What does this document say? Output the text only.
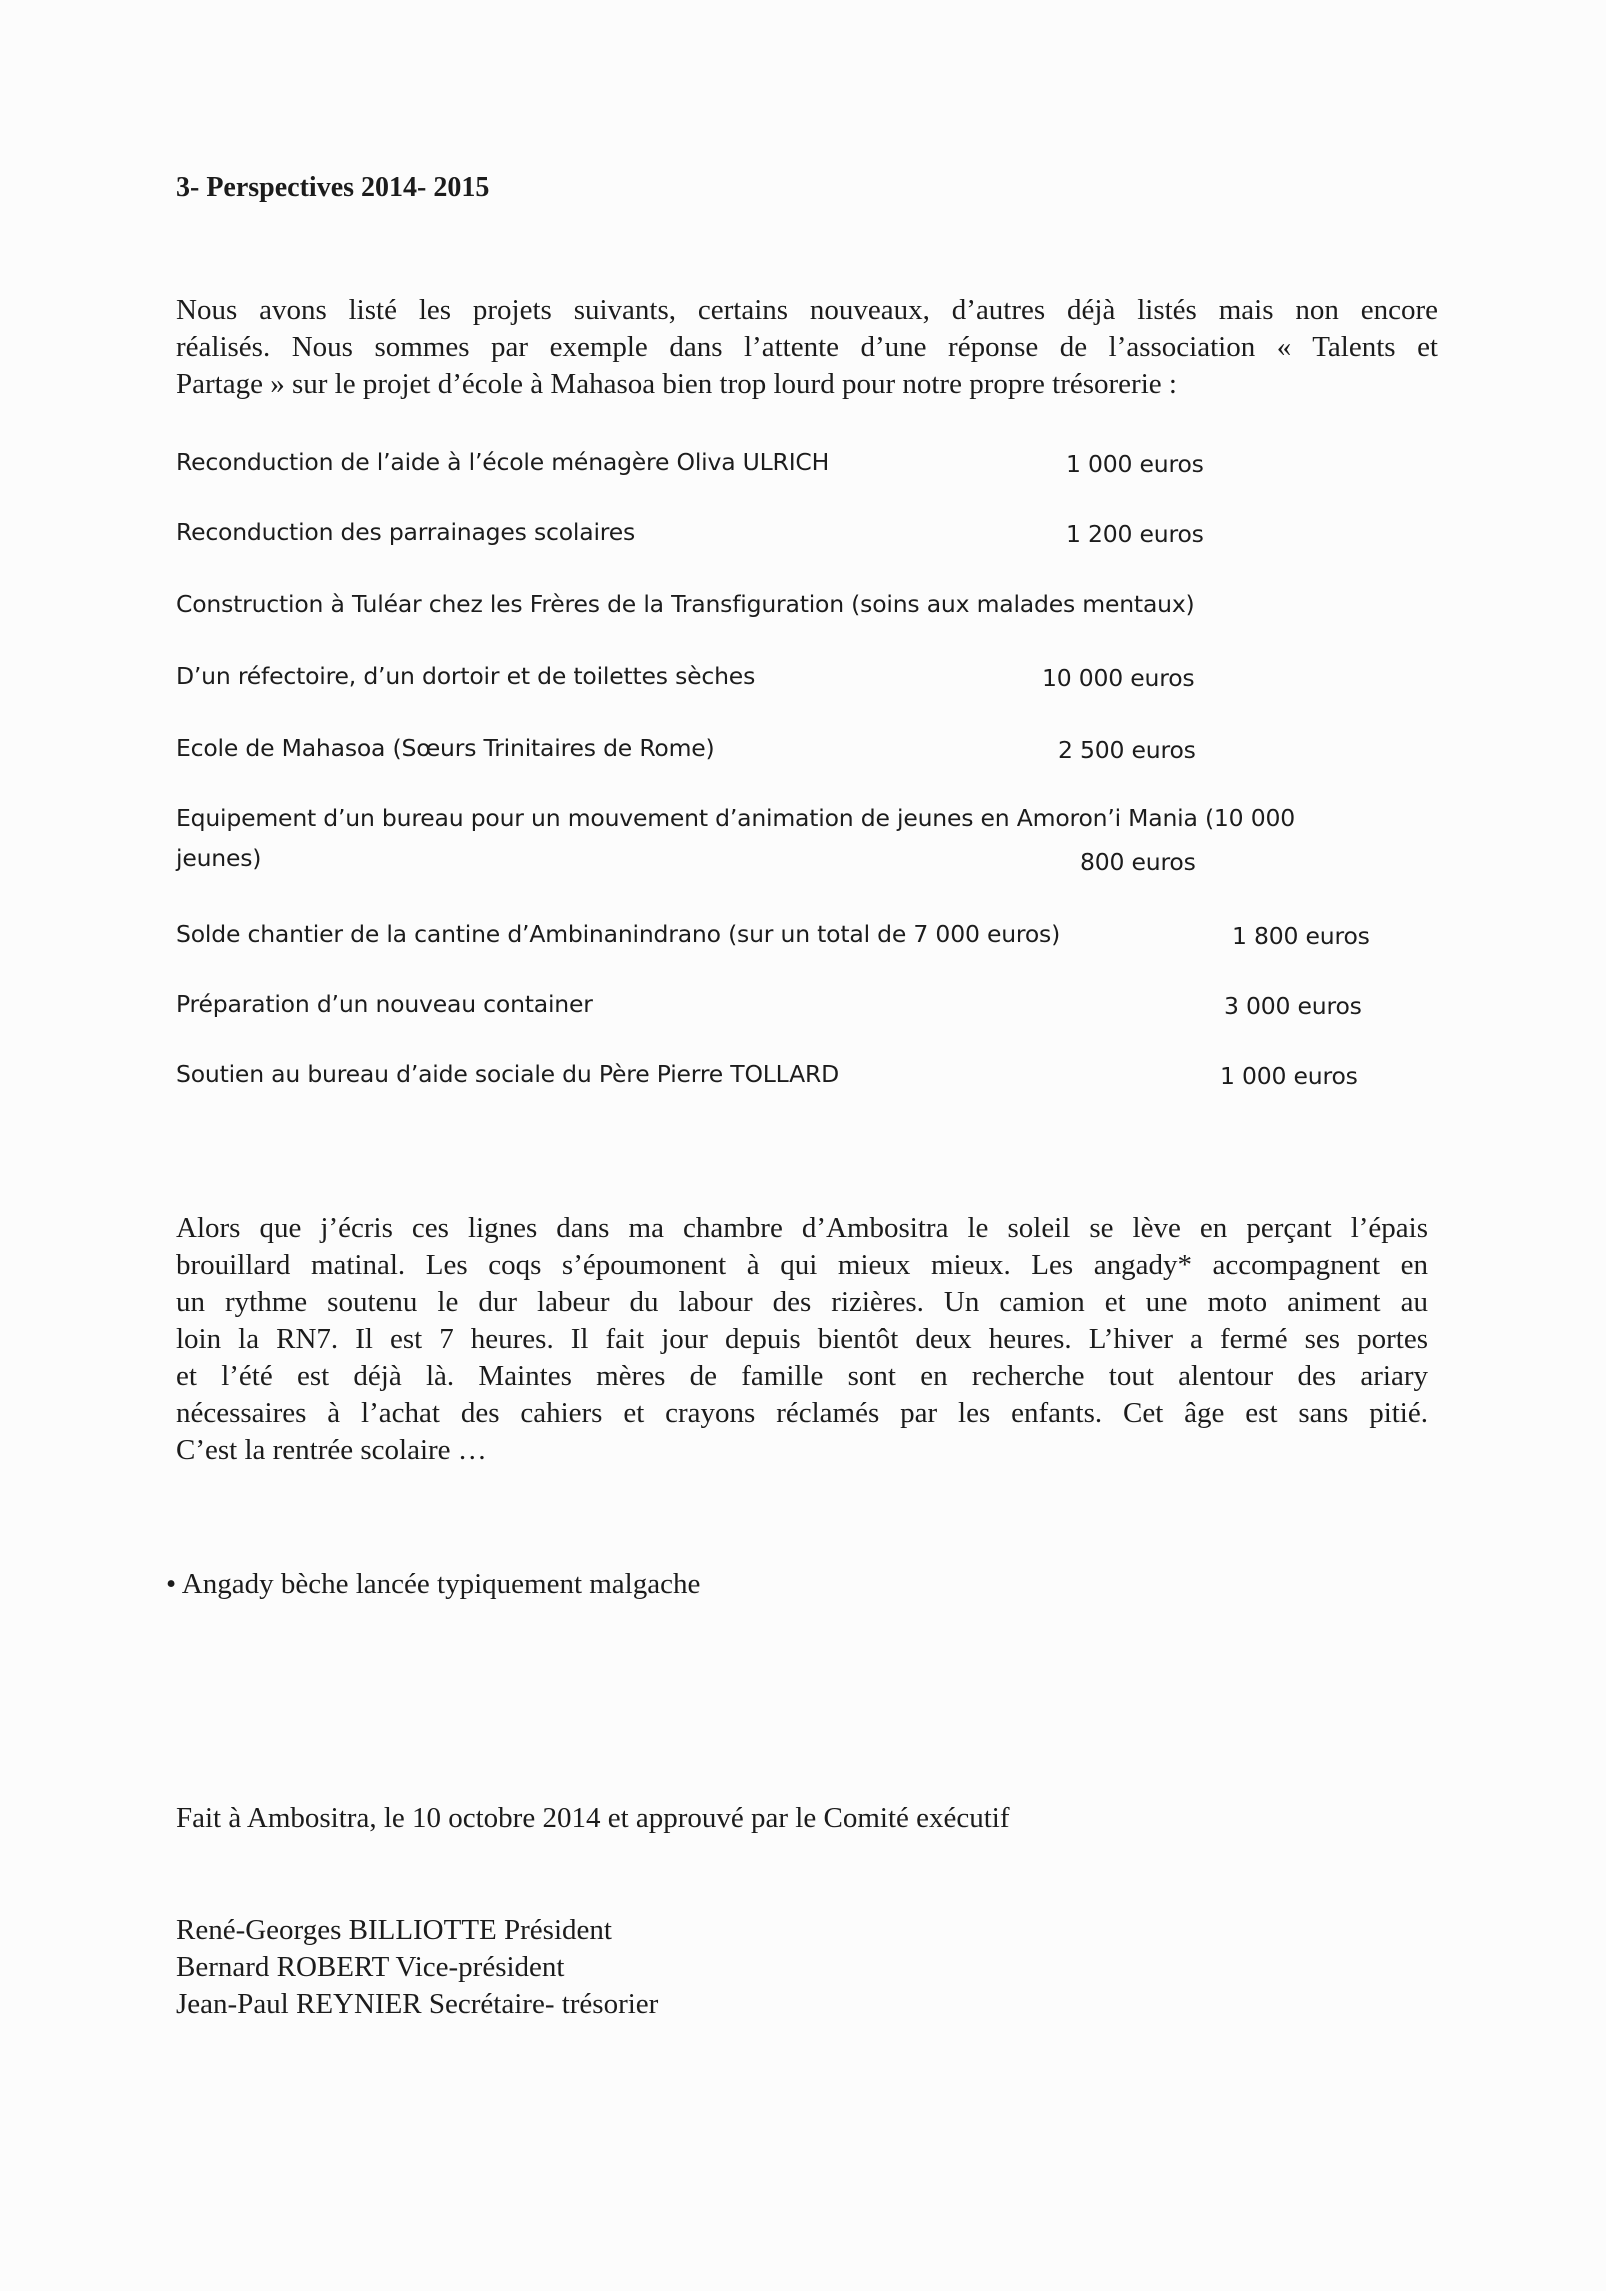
3- Perspectives 2014- 2015
Nous avons listé les projets suivants, certains nouveaux, d’autres déjà listés mais non encore
réalisés. Nous sommes par exemple dans l’attente d’une réponse de l’association « Talents et
Partage » sur le projet d’école à Mahasoa bien trop lourd pour notre propre trésorerie :
Reconduction de l’aide à l’école ménagère Oliva ULRICH	1 000 euros
Reconduction des parrainages scolaires	1 200 euros
Construction à Tuléar chez les Frères de la Transfiguration (soins aux malades mentaux)
D’un réfectoire, d’un dortoir et de toilettes sèches	10 000 euros
Ecole de Mahasoa (Sœurs Trinitaires de Rome)	2 500 euros
Equipement d’un bureau pour un mouvement d’animation de jeunes en Amoron’i Mania (10 000
jeunes)	800 euros
Solde chantier de la cantine d’Ambinanindrano (sur un total de 7 000 euros)	1 800 euros
Préparation d’un nouveau container	3 000 euros
Soutien au bureau d’aide sociale du Père Pierre TOLLARD	1 000 euros
Alors que j’écris ces lignes dans ma chambre d’Ambositra le soleil se lève en perçant l’épais
brouillard matinal. Les coqs s’époumonent à qui mieux mieux. Les angady* accompagnent en
un rythme soutenu le dur labeur du labour des rizières. Un camion et une moto animent au
loin la RN7. Il est 7 heures. Il fait jour depuis bientôt deux heures. L’hiver a fermé ses portes
et l’été est déjà là. Maintes mères de famille sont en recherche tout alentour des ariary
nécessaires à l’achat des cahiers et crayons réclamés par les enfants. Cet âge est sans pitié.
C’est la rentrée scolaire …
• Angady bèche lancée typiquement malgache
Fait à Ambositra, le 10 octobre 2014 et approuvé par le Comité exécutif
René-Georges BILLIOTTE Président
Bernard ROBERT Vice-président
Jean-Paul REYNIER Secrétaire- trésorier
